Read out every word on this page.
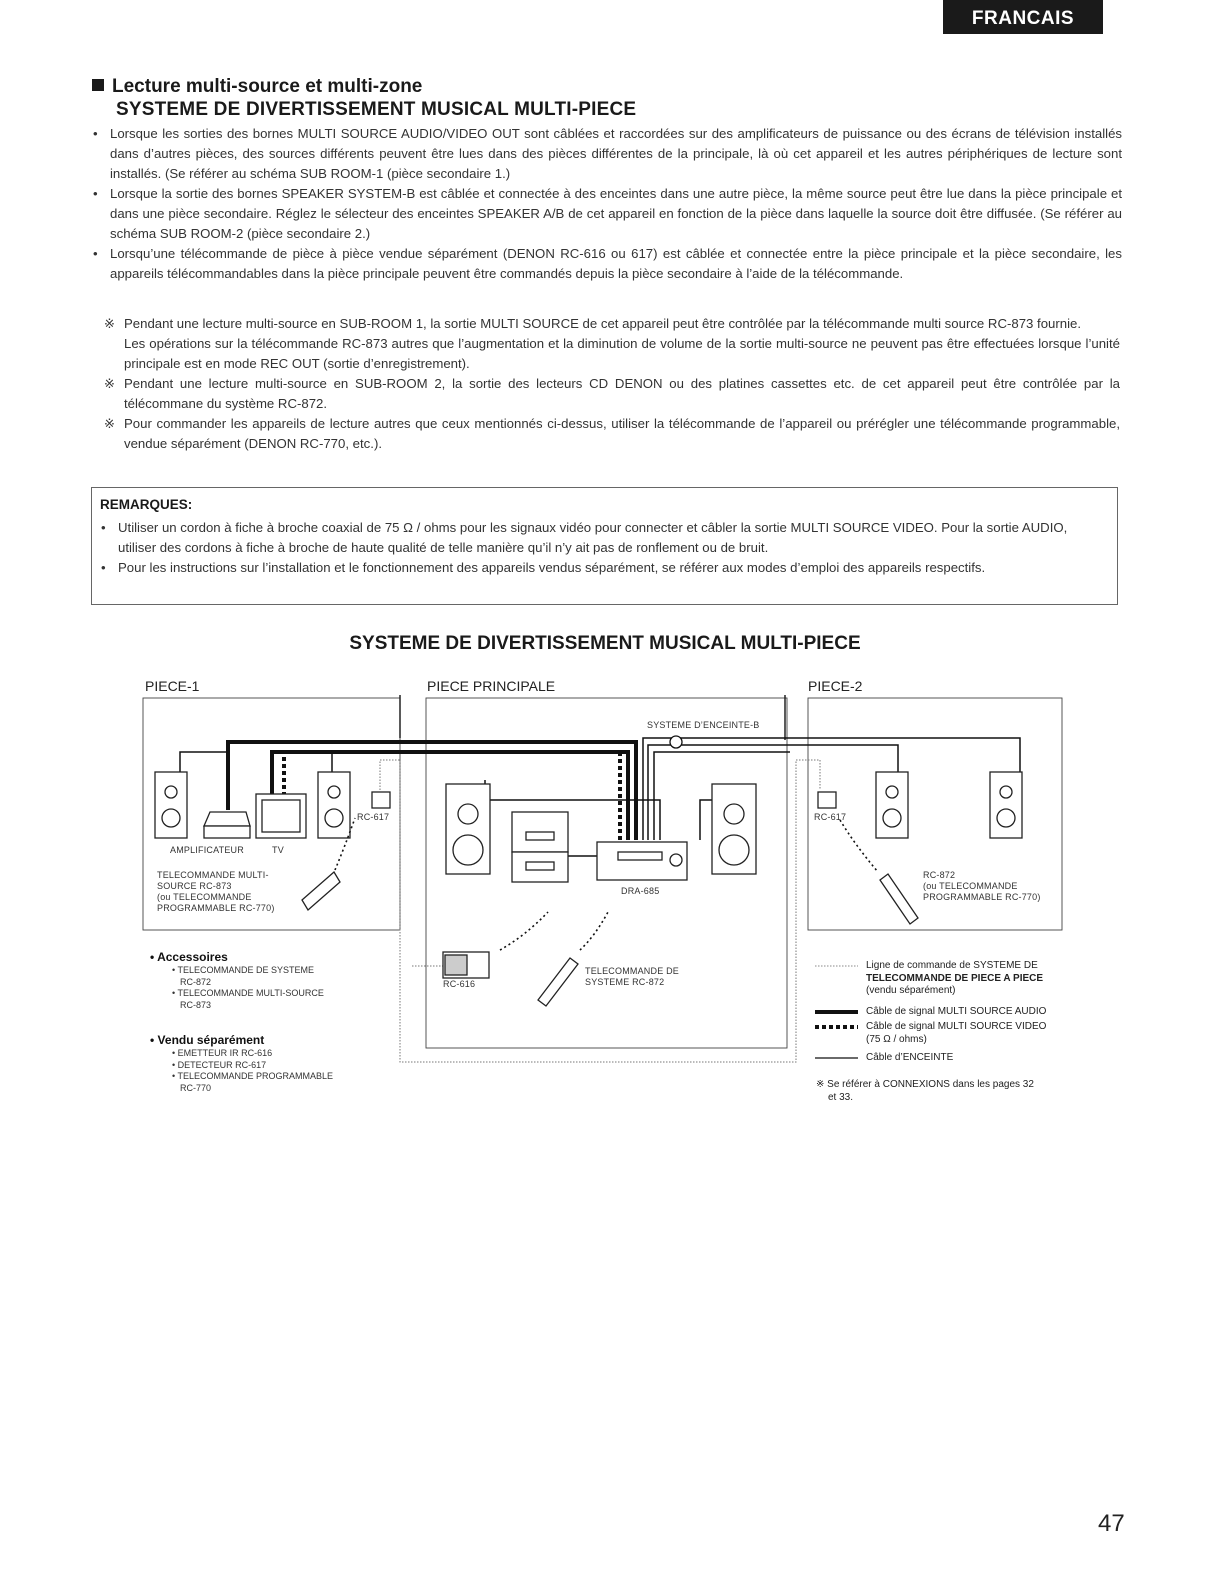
FRANCAIS
Lecture multi-source et multi-zone
SYSTEME DE DIVERTISSEMENT MUSICAL MULTI-PIECE
• Lorsque les sorties des bornes MULTI SOURCE AUDIO/VIDEO OUT sont câblées et raccordées sur des amplificateurs de puissance ou des écrans de télévision installés dans d’autres pièces, des sources différents peuvent être lues dans des pièces différentes de la principale, là où cet appareil et les autres périphériques de lecture sont installés. (Se référer au schéma SUB ROOM-1 (pièce secondaire 1.)
• Lorsque la sortie des bornes SPEAKER SYSTEM-B est câblée et connectée à des enceintes dans une autre pièce, la même source peut être lue dans la pièce principale et dans une pièce secondaire. Réglez le sélecteur des enceintes SPEAKER A/B de cet appareil en fonction de la pièce dans laquelle la source doit être diffusée. (Se référer au schéma SUB ROOM-2 (pièce secondaire 2.)
• Lorsqu’une télécommande de pièce à pièce vendue séparément (DENON RC-616 ou 617) est câblée et connectée entre la pièce principale et la pièce secondaire, les appareils télécommandables dans la pièce principale peuvent être commandés depuis la pièce secondaire à l’aide de la télécommande.

※ Pendant une lecture multi-source en SUB-ROOM 1, la sortie MULTI SOURCE de cet appareil peut être contrôlée par la télécommande multi source RC-873 fournie.

Les opérations sur la télécommande RC-873 autres que l’augmentation et la diminution de volume de la sortie multi-source ne peuvent pas être effectuées lorsque l’unité principale est en mode REC OUT (sortie d’enregistrement).

※ Pendant une lecture multi-source en SUB-ROOM 2, la sortie des lecteurs CD DENON ou des platines cassettes etc. de cet appareil peut être contrôlée par la télécommane du système RC-872.

※ Pour commander les appareils de lecture autres que ceux mentionnés ci-dessus, utiliser la télécommande de l’appareil ou prérégler une télécommande programmable, vendue séparément (DENON RC-770, etc.).

REMARQUES:
• Utiliser un cordon à fiche à broche coaxial de 75 Ω / ohms pour les signaux vidéo pour connecter et câbler la sortie MULTI SOURCE VIDEO. Pour la sortie AUDIO, utiliser des cordons à fiche à broche de haute qualité de telle manière qu’il n’y ait pas de ronflement ou de bruit.
• Pour les instructions sur l’installation et le fonctionnement des appareils vendus séparément, se référer aux modes d’emploi des appareils respectifs.
SYSTEME DE DIVERTISSEMENT MUSICAL MULTI-PIECE
PIECE-1	PIECE PRINCIPALE	PIECE-2
SYSTEME D’ENCEINTE-B
RC-617	RC-617
AMPLIFICATEUR	TV
TELECOMMANDE MULTI-
SOURCE RC-873
(ou TELECOMMANDE
PROGRAMMABLE RC-770)
DRA-685
RC-872
(ou TELECOMMANDE
PROGRAMMABLE RC-770)
RC-616
TELECOMMANDE DE
SYSTEME RC-872
• Accessoires
• TELECOMMANDE DE SYSTEME
RC-872
• TELECOMMANDE MULTI-SOURCE
RC-873
• Vendu séparément
• EMETTEUR IR RC-616
• DETECTEUR RC-617
• TELECOMMANDE PROGRAMMABLE
RC-770
Ligne de commande de SYSTEME DE
TELECOMMANDE DE PIECE A PIECE
(vendu séparément)
Câble de signal MULTI SOURCE AUDIO
Câble de signal MULTI SOURCE VIDEO
(75 Ω / ohms)
Câble d’ENCEINTE
※ Se référer à CONNEXIONS dans les pages 32
et 33.
47
